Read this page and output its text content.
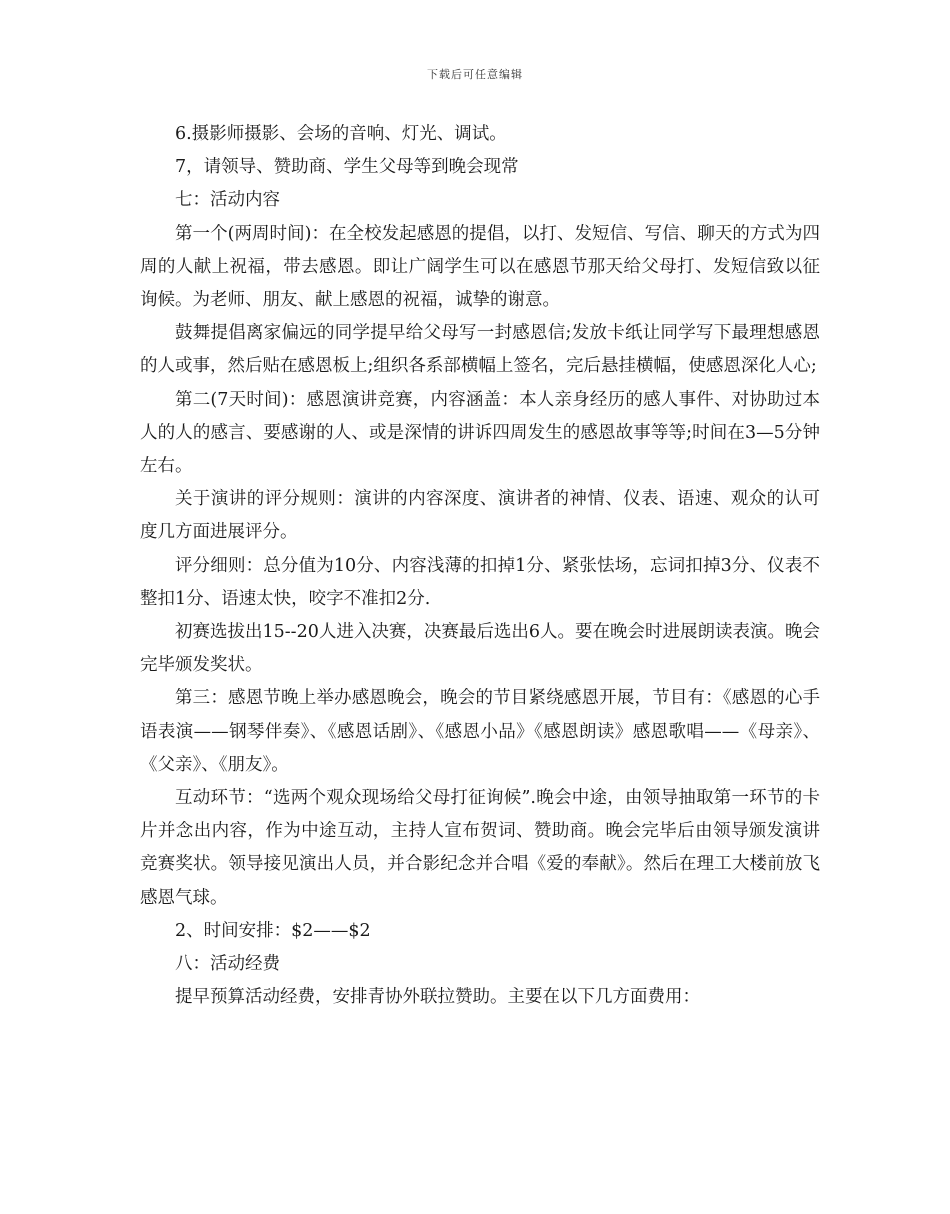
下载后可任意编辑

6.摄影师摄影、会场的音响、灯光、调试。

7，请领导、赞助商、学生父母等到晚会现常

七：活动内容

第一个(两周时间)：在全校发起感恩的提倡，以打、发短信、写信、聊天的方式为四周的人献上祝福，带去感恩。即让广阔学生可以在感恩节那天给父母打、发短信致以征询候。为老师、朋友、献上感恩的祝福，诚挚的谢意。

鼓舞提倡离家偏远的同学提早给父母写一封感恩信;发放卡纸让同学写下最理想感恩的人或事，然后贴在感恩板上;组织各系部横幅上签名，完后悬挂横幅，使感恩深化人心;

第二(7天时间)：感恩演讲竞赛，内容涵盖：本人亲身经历的感人事件、对协助过本人的人的感言、要感谢的人、或是深情的讲诉四周发生的感恩故事等等;时间在3—5分钟左右。

关于演讲的评分规则：演讲的内容深度、演讲者的神情、仪表、语速、观众的认可度几方面进展评分。

评分细则：总分值为10分、内容浅薄的扣掉1分、紧张怯场，忘词扣掉3分、仪表不整扣1分、语速太快，咬字不准扣2分.

初赛选拔出15--20人进入决赛，决赛最后选出6人。要在晚会时进展朗读表演。晚会完毕颁发奖状。

第三：感恩节晚上举办感恩晚会，晚会的节目紧绕感恩开展，节目有：《感恩的心手语表演——钢琴伴奏》、《感恩话剧》、《感恩小品》《感恩朗读》感恩歌唱——《母亲》、《父亲》、《朋友》。

互动环节：“选两个观众现场给父母打征询候”.晚会中途，由领导抽取第一环节的卡片并念出内容，作为中途互动，主持人宣布贺词、赞助商。晚会完毕后由领导颁发演讲竞赛奖状。领导接见演出人员，并合影纪念并合唱《爱的奉献》。然后在理工大楼前放飞感恩气球。

2、时间安排：$2——$2

八：活动经费

提早预算活动经费，安排青协外联拉赞助。主要在以下几方面费用：
